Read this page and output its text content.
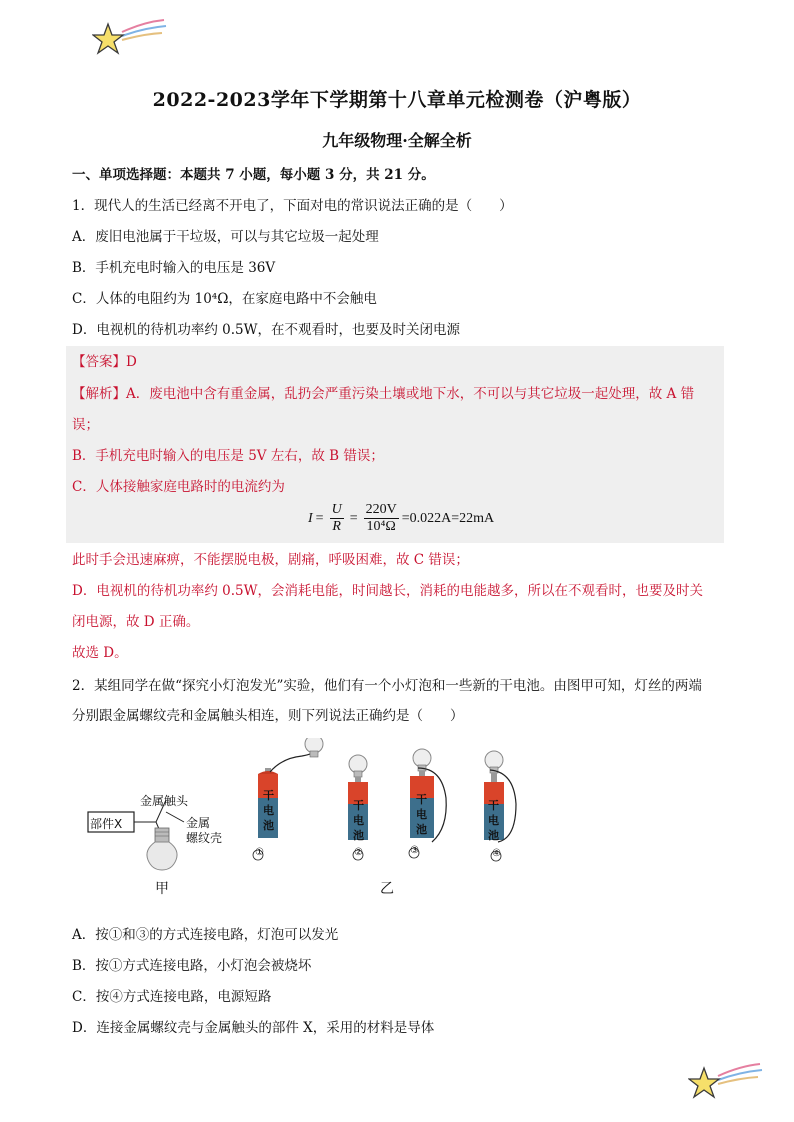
2022-2023学年下学期第十八章单元检测卷（沪粤版）
九年级物理·全解全析
一、单项选择题：本题共 7 小题，每小题 3 分，共 21 分。
1．现代人的生活已经离不开电了，下面对电的常识说法正确的是（　　）
A．废旧电池属于干垃圾，可以与其它垃圾一起处理
B．手机充电时输入的电压是 36V
C．人体的电阻约为 10⁴Ω，在家庭电路中不会触电
D．电视机的待机功率约 0.5W，在不观看时，也要及时关闭电源
【答案】D
【解析】A．废电池中含有重金属，乱扔会严重污染土壤或地下水，不可以与其它垃圾一起处理，故 A 错
误；
B．手机充电时输入的电压是 5V 左右，故 B 错误；
C．人体接触家庭电路时的电流约为
$I = \frac{U}{R} = \frac{220V}{\text{10⁴Ω}} =0.022A=22mA$
此时手会迅速麻痹，不能摆脱电极，剧痛，呼吸困难，故 C 错误；
D．电视机的待机功率约 0.5W，会消耗电能，时间越长，消耗的电能越多，所以在不观看时，也要及时关
闭电源，故 D 正确。
故选 D。
2．某组同学在做“探究小灯泡发光”实验，他们有一个小灯泡和一些新的干电池。由图甲可知，灯丝的两端
分别跟金属螺纹壳和金属触头相连，则下列说法正确约是（　　）
部件X
金属触头
金属
螺纹壳
甲
干电池
干电池
干电池
干电池
①	②	③	④
乙
A．按①和③的方式连接电路，灯泡可以发光
B．按①方式连接电路，小灯泡会被烧坏
C．按④方式连接电路，电源短路
D．连接金属螺纹壳与金属触头的部件 X，采用的材料是导体
